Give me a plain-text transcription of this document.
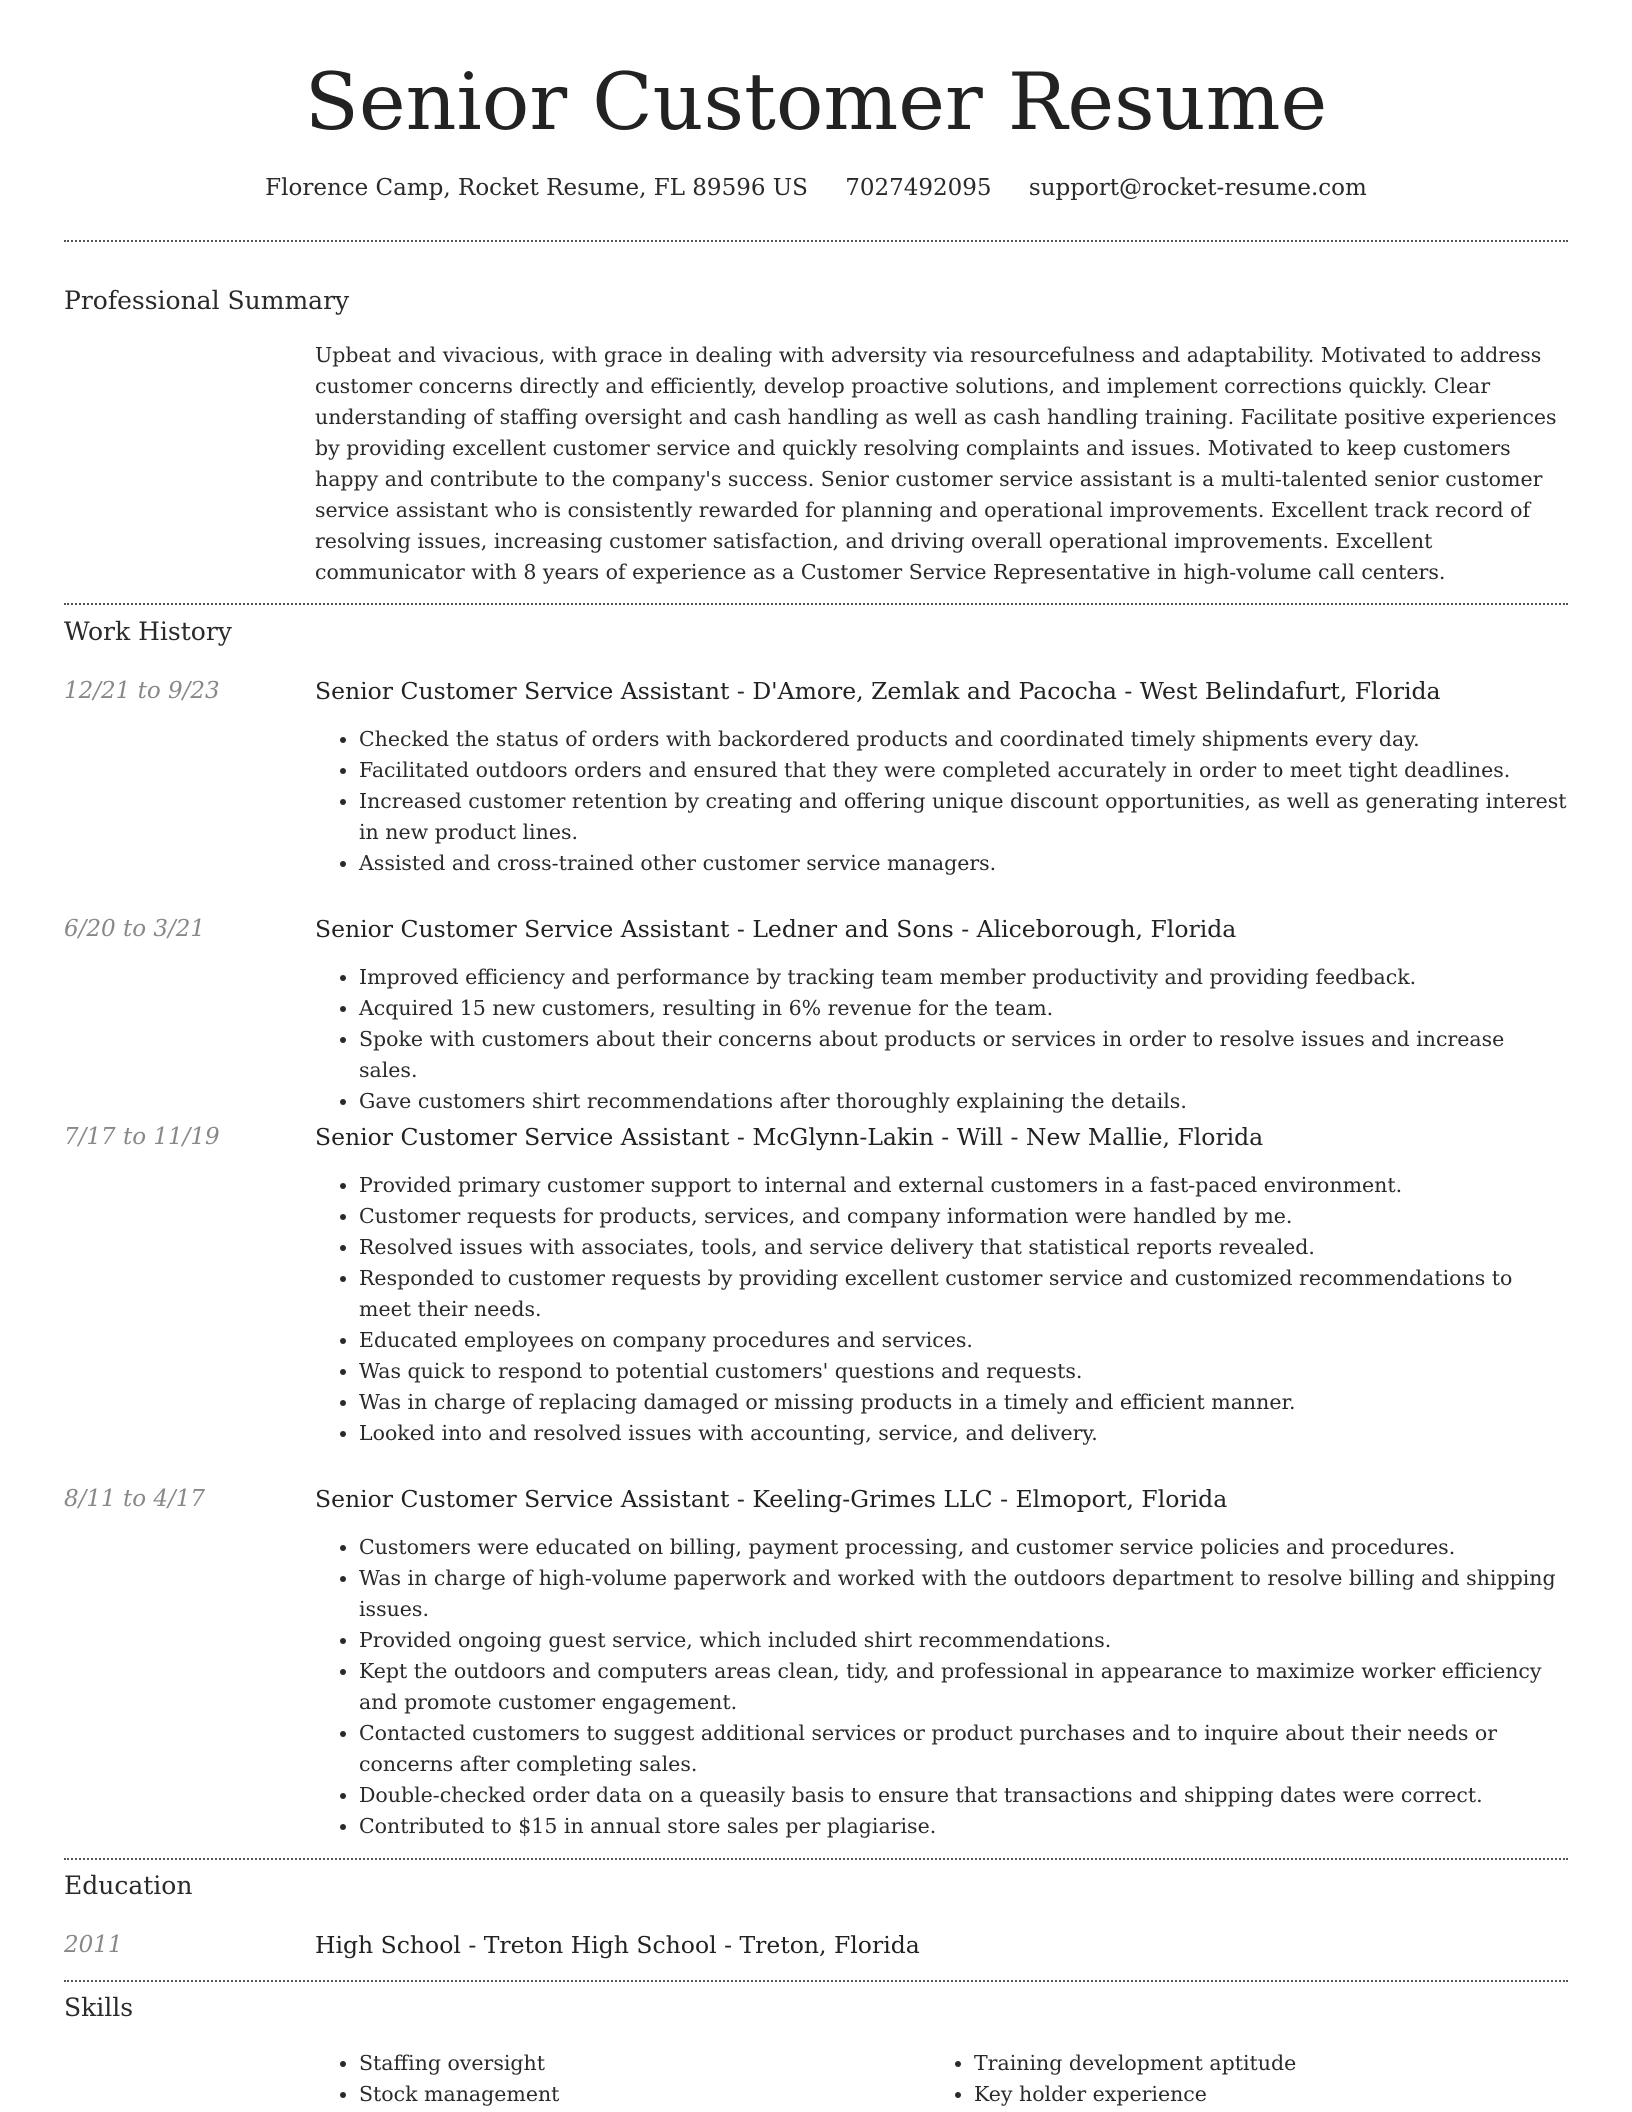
Senior Customer Resume
Florence Camp, Rocket Resume, FL 89596 US 7027492095 support@rocket-resume.com
Professional Summary
Upbeat and vivacious, with grace in dealing with adversity via resourcefulness and adaptability. Motivated to address customer concerns directly and efficiently, develop proactive solutions, and implement corrections quickly. Clear understanding of staffing oversight and cash handling as well as cash handling training. Facilitate positive experiences by providing excellent customer service and quickly resolving complaints and issues. Motivated to keep customers happy and contribute to the company's success. Senior customer service assistant is a multi-talented senior customer service assistant who is consistently rewarded for planning and operational improvements. Excellent track record of resolving issues, increasing customer satisfaction, and driving overall operational improvements. Excellent communicator with 8 years of experience as a Customer Service Representative in high-volume call centers.
Work History
12/21 to 9/23	Senior Customer Service Assistant - D'Amore, Zemlak and Pacocha - West Belindafurt, Florida
• Checked the status of orders with backordered products and coordinated timely shipments every day.
• Facilitated outdoors orders and ensured that they were completed accurately in order to meet tight deadlines.
• Increased customer retention by creating and offering unique discount opportunities, as well as generating interest in new product lines.
• Assisted and cross-trained other customer service managers.
6/20 to 3/21	Senior Customer Service Assistant - Ledner and Sons - Aliceborough, Florida
• Improved efficiency and performance by tracking team member productivity and providing feedback.
• Acquired 15 new customers, resulting in 6% revenue for the team.
• Spoke with customers about their concerns about products or services in order to resolve issues and increase sales.
• Gave customers shirt recommendations after thoroughly explaining the details.
7/17 to 11/19	Senior Customer Service Assistant - McGlynn-Lakin - Will - New Mallie, Florida
• Provided primary customer support to internal and external customers in a fast-paced environment.
• Customer requests for products, services, and company information were handled by me.
• Resolved issues with associates, tools, and service delivery that statistical reports revealed.
• Responded to customer requests by providing excellent customer service and customized recommendations to meet their needs.
• Educated employees on company procedures and services.
• Was quick to respond to potential customers' questions and requests.
• Was in charge of replacing damaged or missing products in a timely and efficient manner.
• Looked into and resolved issues with accounting, service, and delivery.
8/11 to 4/17	Senior Customer Service Assistant - Keeling-Grimes LLC - Elmoport, Florida
• Customers were educated on billing, payment processing, and customer service policies and procedures.
• Was in charge of high-volume paperwork and worked with the outdoors department to resolve billing and shipping issues.
• Provided ongoing guest service, which included shirt recommendations.
• Kept the outdoors and computers areas clean, tidy, and professional in appearance to maximize worker efficiency and promote customer engagement.
• Contacted customers to suggest additional services or product purchases and to inquire about their needs or concerns after completing sales.
• Double-checked order data on a queasily basis to ensure that transactions and shipping dates were correct.
• Contributed to $15 in annual store sales per plagiarise.
Education
2011	High School - Treton High School - Treton, Florida
Skills
• Staffing oversight
• Stock management
• Training development aptitude
• Key holder experience
